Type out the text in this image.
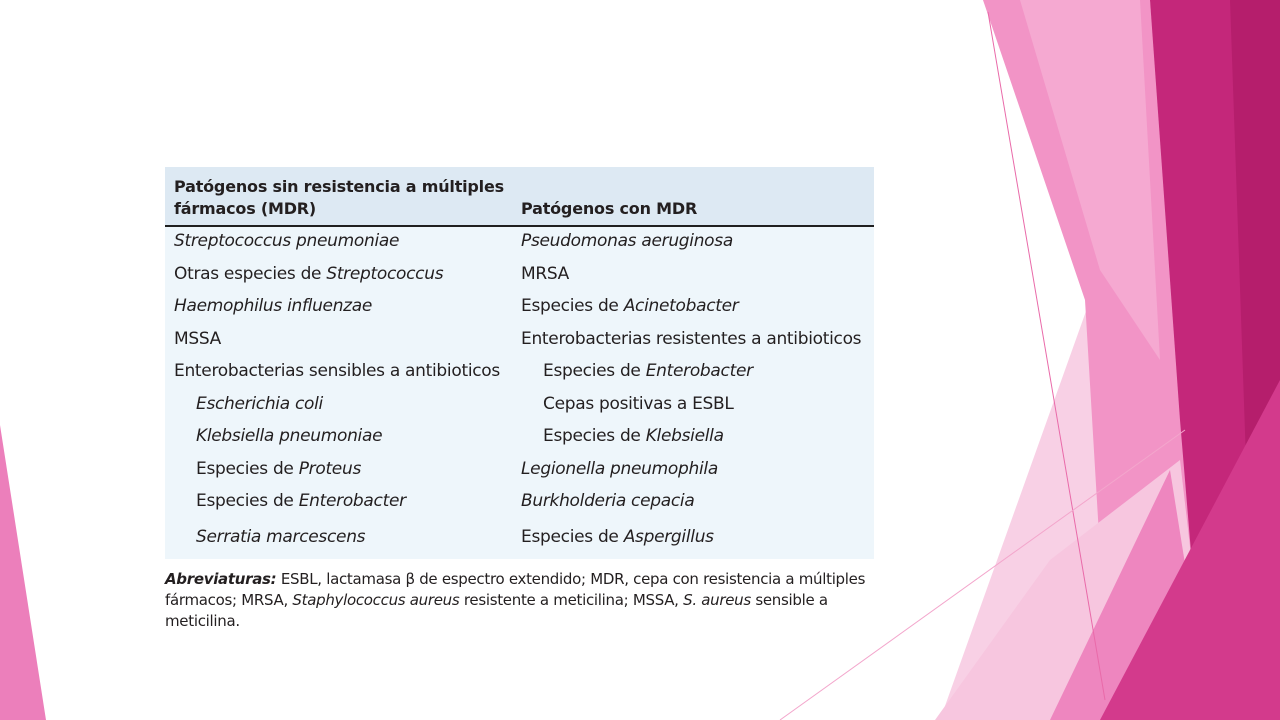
Patógenos sin resistencia a múltiples fármacos (MDR)	Patógenos con MDR
Streptococcus pneumoniae	Pseudomonas aeruginosa
Otras especies de Streptococcus	MRSA
Haemophilus influenzae	Especies de Acinetobacter
MSSA	Enterobacterias resistentes a antibioticos
Enterobacterias sensibles a antibioticos	Especies de Enterobacter
Escherichia coli	Cepas positivas a ESBL
Klebsiella pneumoniae	Especies de Klebsiella
Especies de Proteus	Legionella pneumophila
Especies de Enterobacter	Burkholderia cepacia
Serratia marcescens	Especies de Aspergillus
Abreviaturas: ESBL, lactamasa β de espectro extendido; MDR, cepa con resistencia a múltiples fármacos; MRSA, Staphylococcus aureus resistente a meticilina; MSSA, S. aureus sensible a meticilina.
